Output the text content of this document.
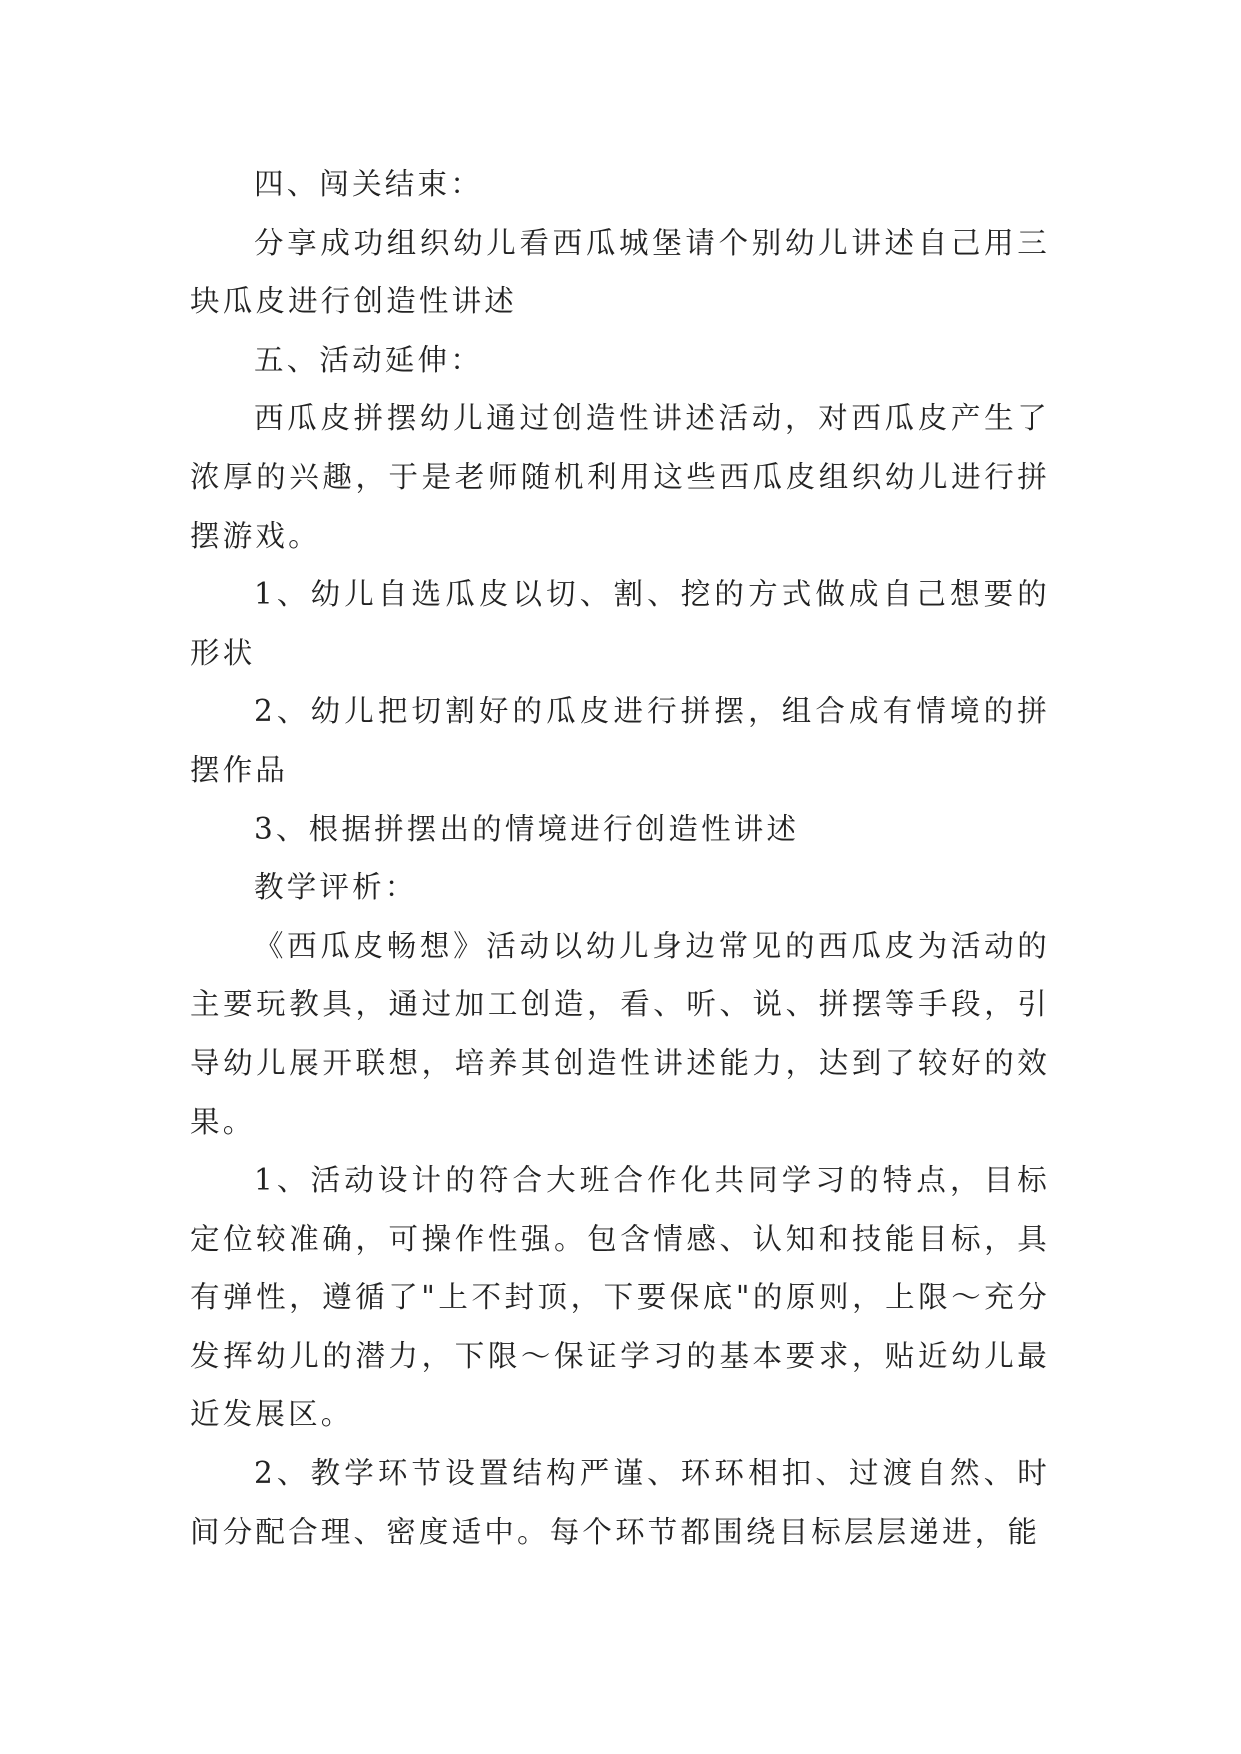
四、闯关结束：

分享成功组织幼儿看西瓜城堡请个别幼儿讲述自己用三块瓜皮进行创造性讲述

五、活动延伸：

西瓜皮拼摆幼儿通过创造性讲述活动，对西瓜皮产生了浓厚的兴趣，于是老师随机利用这些西瓜皮组织幼儿进行拼摆游戏。

1、幼儿自选瓜皮以切、割、挖的方式做成自己想要的形状

2、幼儿把切割好的瓜皮进行拼摆，组合成有情境的拼摆作品

3、根据拼摆出的情境进行创造性讲述

教学评析：

《西瓜皮畅想》活动以幼儿身边常见的西瓜皮为活动的主要玩教具，通过加工创造，看、听、说、拼摆等手段，引导幼儿展开联想，培养其创造性讲述能力，达到了较好的效果。

1、活动设计的符合大班合作化共同学习的特点，目标定位较准确，可操作性强。包含情感、认知和技能目标，具有弹性，遵循了"上不封顶，下要保底"的原则，上限～充分发挥幼儿的潜力，下限～保证学习的基本要求，贴近幼儿最近发展区。

2、教学环节设置结构严谨、环环相扣、过渡自然、时间分配合理、密度适中。每个环节都围绕目标层层递进，能
